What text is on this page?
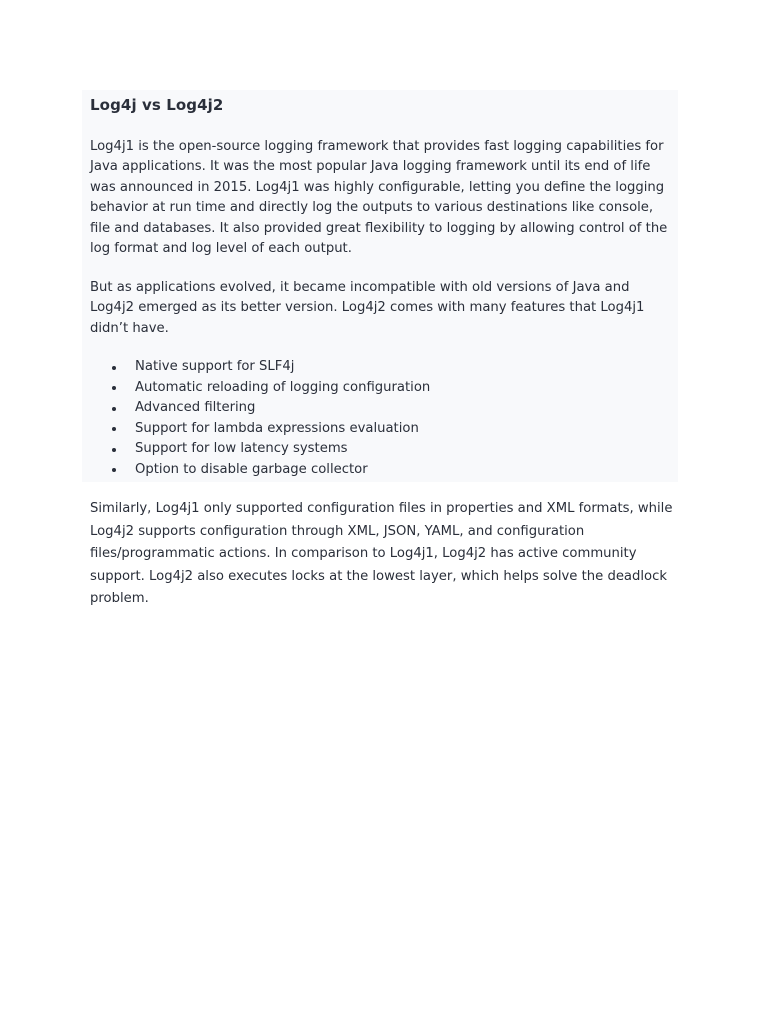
Log4j vs Log4j2

Log4j1 is the open-source logging framework that provides fast logging capabilities for Java applications. It was the most popular Java logging framework until its end of life was announced in 2015. Log4j1 was highly configurable, letting you define the logging behavior at run time and directly log the outputs to various destinations like console, file and databases. It also provided great flexibility to logging by allowing control of the log format and log level of each output.

But as applications evolved, it became incompatible with old versions of Java and Log4j2 emerged as its better version. Log4j2 comes with many features that Log4j1 didn’t have.

Native support for SLF4j
Automatic reloading of logging configuration
Advanced filtering
Support for lambda expressions evaluation
Support for low latency systems
Option to disable garbage collector

Similarly, Log4j1 only supported configuration files in properties and XML formats, while Log4j2 supports configuration through XML, JSON, YAML, and configuration files/programmatic actions. In comparison to Log4j1, Log4j2 has active community support. Log4j2 also executes locks at the lowest layer, which helps solve the deadlock problem.
